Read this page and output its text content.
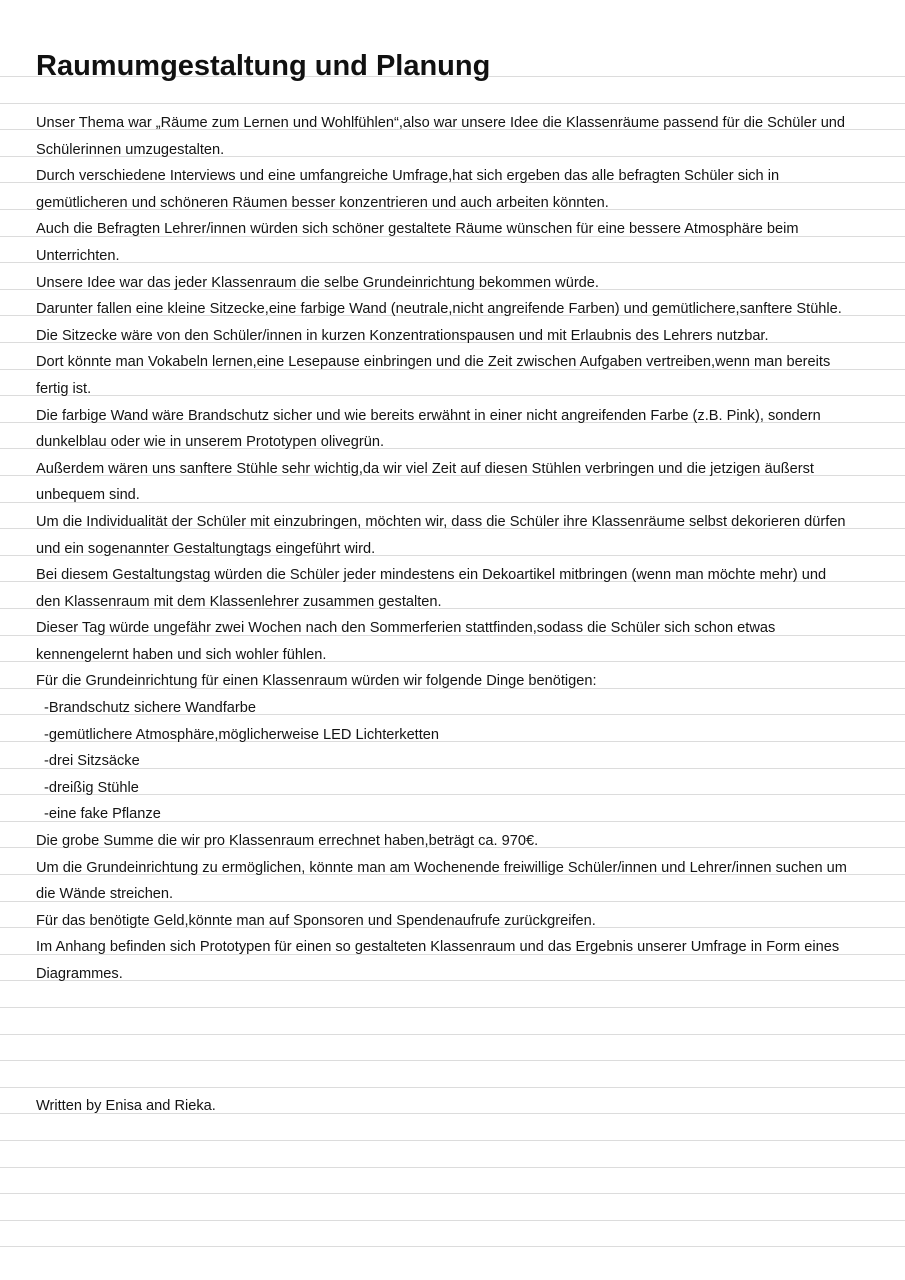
Raumumgestaltung und Planung
Unser Thema war „Räume zum Lernen und Wohlfühlen“,also war unsere Idee die Klassenräume passend für die Schüler und
Schülerinnen umzugestalten.
Durch verschiedene Interviews und eine umfangreiche Umfrage,hat sich ergeben das alle befragten Schüler sich in
gemütlicheren und schöneren Räumen besser konzentrieren und auch arbeiten könnten.
Auch die Befragten Lehrer/innen würden sich schöner gestaltete Räume wünschen für eine bessere Atmosphäre beim
Unterrichten.
Unsere Idee war das jeder Klassenraum die selbe Grundeinrichtung bekommen würde.
Darunter fallen eine kleine Sitzecke,eine farbige Wand (neutrale,nicht angreifende Farben) und gemütlichere,sanftere Stühle.
Die Sitzecke wäre von den Schüler/innen in kurzen Konzentrationspausen und mit Erlaubnis des Lehrers nutzbar.
Dort könnte man Vokabeln lernen,eine Lesepause einbringen und die Zeit zwischen Aufgaben vertreiben,wenn man bereits
fertig ist.
Die farbige Wand wäre Brandschutz sicher und wie bereits erwähnt in einer nicht angreifenden Farbe (z.B. Pink), sondern
dunkelblau oder wie in unserem Prototypen olivegrün.
Außerdem wären uns sanftere Stühle sehr wichtig,da wir viel Zeit auf diesen Stühlen verbringen und die jetzigen äußerst
unbequem sind.
Um die Individualität der Schüler mit einzubringen, möchten wir, dass die Schüler ihre Klassenräume selbst dekorieren dürfen
und ein sogenannter Gestaltungtags eingeführt wird.
Bei diesem Gestaltungstag würden die Schüler jeder mindestens ein Dekoartikel mitbringen (wenn man möchte mehr) und
den Klassenraum mit dem Klassenlehrer zusammen gestalten.
Dieser Tag würde ungefähr zwei Wochen nach den Sommerferien stattfinden,sodass die Schüler sich schon etwas
kennengelernt haben und sich wohler fühlen.
Für die Grundeinrichtung für einen Klassenraum würden wir folgende Dinge benötigen:
-Brandschutz sichere Wandfarbe
-gemütlichere Atmosphäre,möglicherweise LED Lichterketten
-drei Sitzsäcke
-dreißig Stühle
-eine fake Pflanze
Die grobe Summe die wir pro Klassenraum errechnet haben,beträgt ca. 970€.
Um die Grundeinrichtung zu ermöglichen, könnte man am Wochenende freiwillige Schüler/innen und Lehrer/innen suchen um
die Wände streichen.
Für das benötigte Geld,könnte man auf Sponsoren und Spendenaufrufe zurückgreifen.
Im Anhang befinden sich Prototypen für einen so gestalteten Klassenraum und das Ergebnis unserer Umfrage in Form eines
Diagrammes.
Written by Enisa and Rieka.
